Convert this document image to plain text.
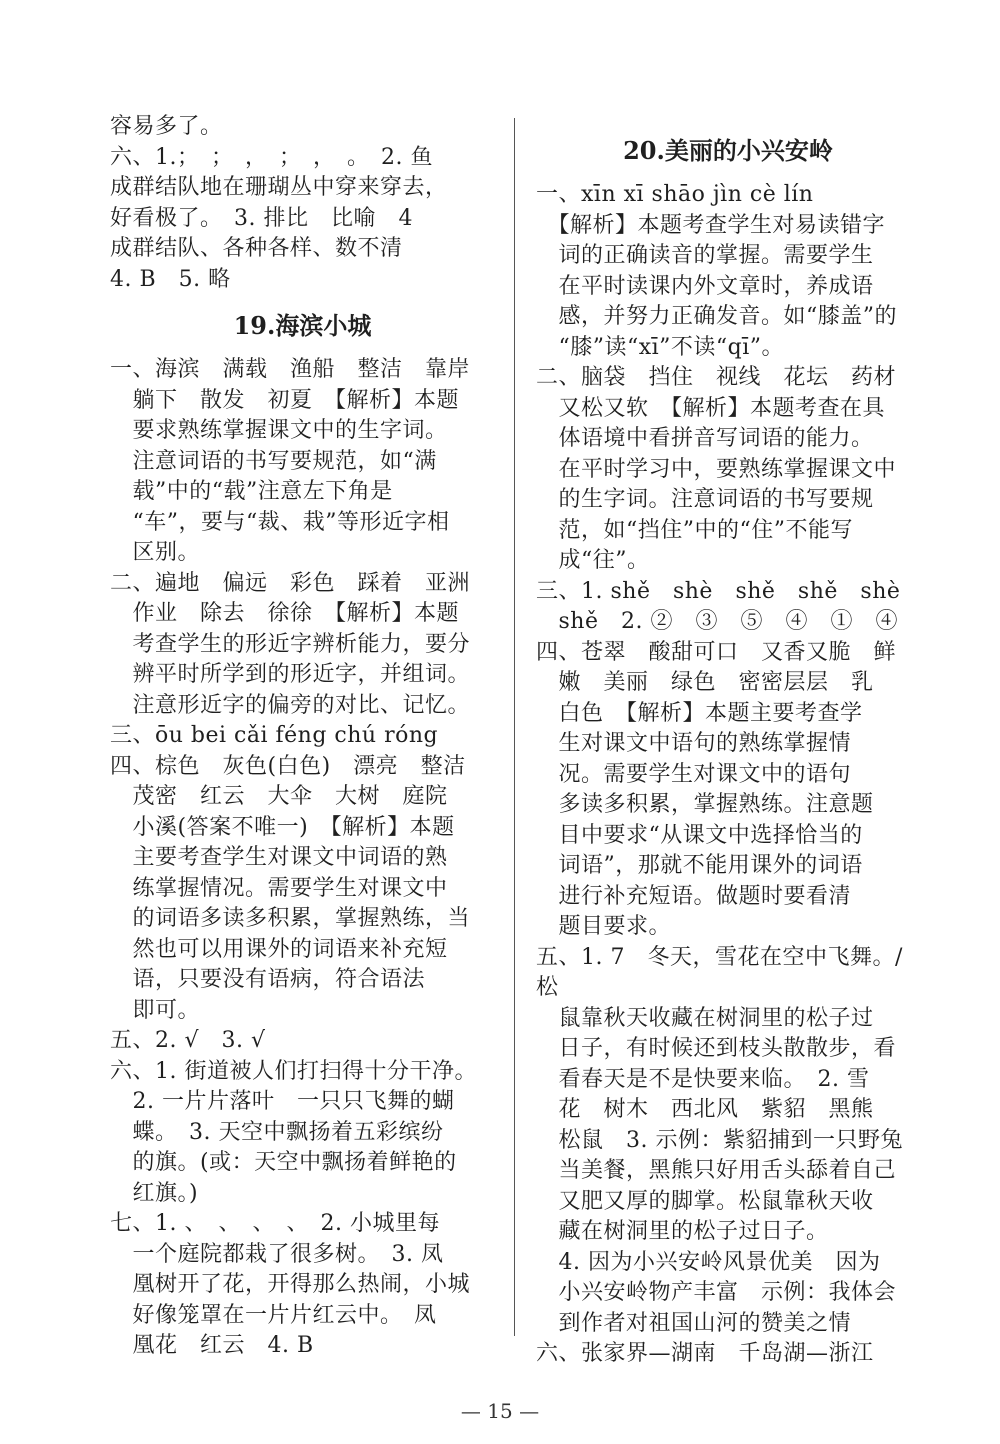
容易多了。
六、1.；　；　，　；　，　。　2. 鱼
成群结队地在珊瑚丛中穿来穿去，
好看极了。　3. 排比　比喻　4
成群结队、各种各样、数不清
4. B　5. 略
19.海滨小城
一、海滨　满载　渔船　整洁　靠岸
　躺下　散发　初夏　【解析】本题
　要求熟练掌握课文中的生字词。
　注意词语的书写要规范，如“满
　载”中的“载”注意左下角是
　“车”，要与“裁、栽”等形近字相
　区别。
二、遍地　偏远　彩色　踩着　亚洲
　作业　除去　徐徐　【解析】本题
　考查学生的形近字辨析能力，要分
　辨平时所学到的形近字，并组词。
　注意形近字的偏旁的对比、记忆。
三、ōu bei cǎi féng chú róng
四、棕色　灰色(白色)　漂亮　整洁
　茂密　红云　大伞　大树　庭院
　小溪(答案不唯一)　【解析】本题
　主要考查学生对课文中词语的熟
　练掌握情况。需要学生对课文中
　的词语多读多积累，掌握熟练，当
　然也可以用课外的词语来补充短
　语，只要没有语病，符合语法
　即可。
五、2. √　3. √
六、1. 街道被人们打扫得十分干净。
　2. 一片片落叶　一只只飞舞的蝴
　蝶。　3. 天空中飘扬着五彩缤纷
　的旗。(或：天空中飘扬着鲜艳的
　红旗。)
七、1. 、　、　、　、　2. 小城里每
　一个庭院都栽了很多树。　3. 凤
　凰树开了花，开得那么热闹，小城
　好像笼罩在一片片红云中。　凤
　凰花　红云　4. B
20.美丽的小兴安岭
一、xīn xī shāo jìn cè lín
　【解析】本题考查学生对易读错字
　词的正确读音的掌握。需要学生
　在平时读课内外文章时，养成语
　感，并努力正确发音。如“膝盖”的
　“膝”读“xī”不读“qī”。
二、脑袋　挡住　视线　花坛　药材
　又松又软　【解析】本题考查在具
　体语境中看拼音写词语的能力。
　在平时学习中，要熟练掌握课文中
　的生字词。注意词语的书写要规
　范，如“挡住”中的“住”不能写
　成“往”。
三、1. shě　shè　shě　shě　shè
　shě　2. ②　③　⑤　④　①　④
四、苍翠　酸甜可口　又香又脆　鲜
　嫩　美丽　绿色　密密层层　乳
　白色　【解析】本题主要考查学
　生对课文中语句的熟练掌握情
　况。需要学生对课文中的语句
　多读多积累，掌握熟练。注意题
　目中要求“从课文中选择恰当的
　词语”，那就不能用课外的词语
　进行补充短语。做题时要看清
　题目要求。
五、1. 7　冬天，雪花在空中飞舞。/松
　鼠靠秋天收藏在树洞里的松子过
　日子，有时候还到枝头散散步，看
　看春天是不是快要来临。　2. 雪
　花　树木　西北风　紫貂　黑熊
　松鼠　3. 示例：紫貂捕到一只野兔
　当美餐，黑熊只好用舌头舔着自己
　又肥又厚的脚掌。松鼠靠秋天收
　藏在树洞里的松子过日子。
　4. 因为小兴安岭风景优美　因为
　小兴安岭物产丰富　示例：我体会
　到作者对祖国山河的赞美之情
六、张家界—湖南　千岛湖—浙江
— 15 —
